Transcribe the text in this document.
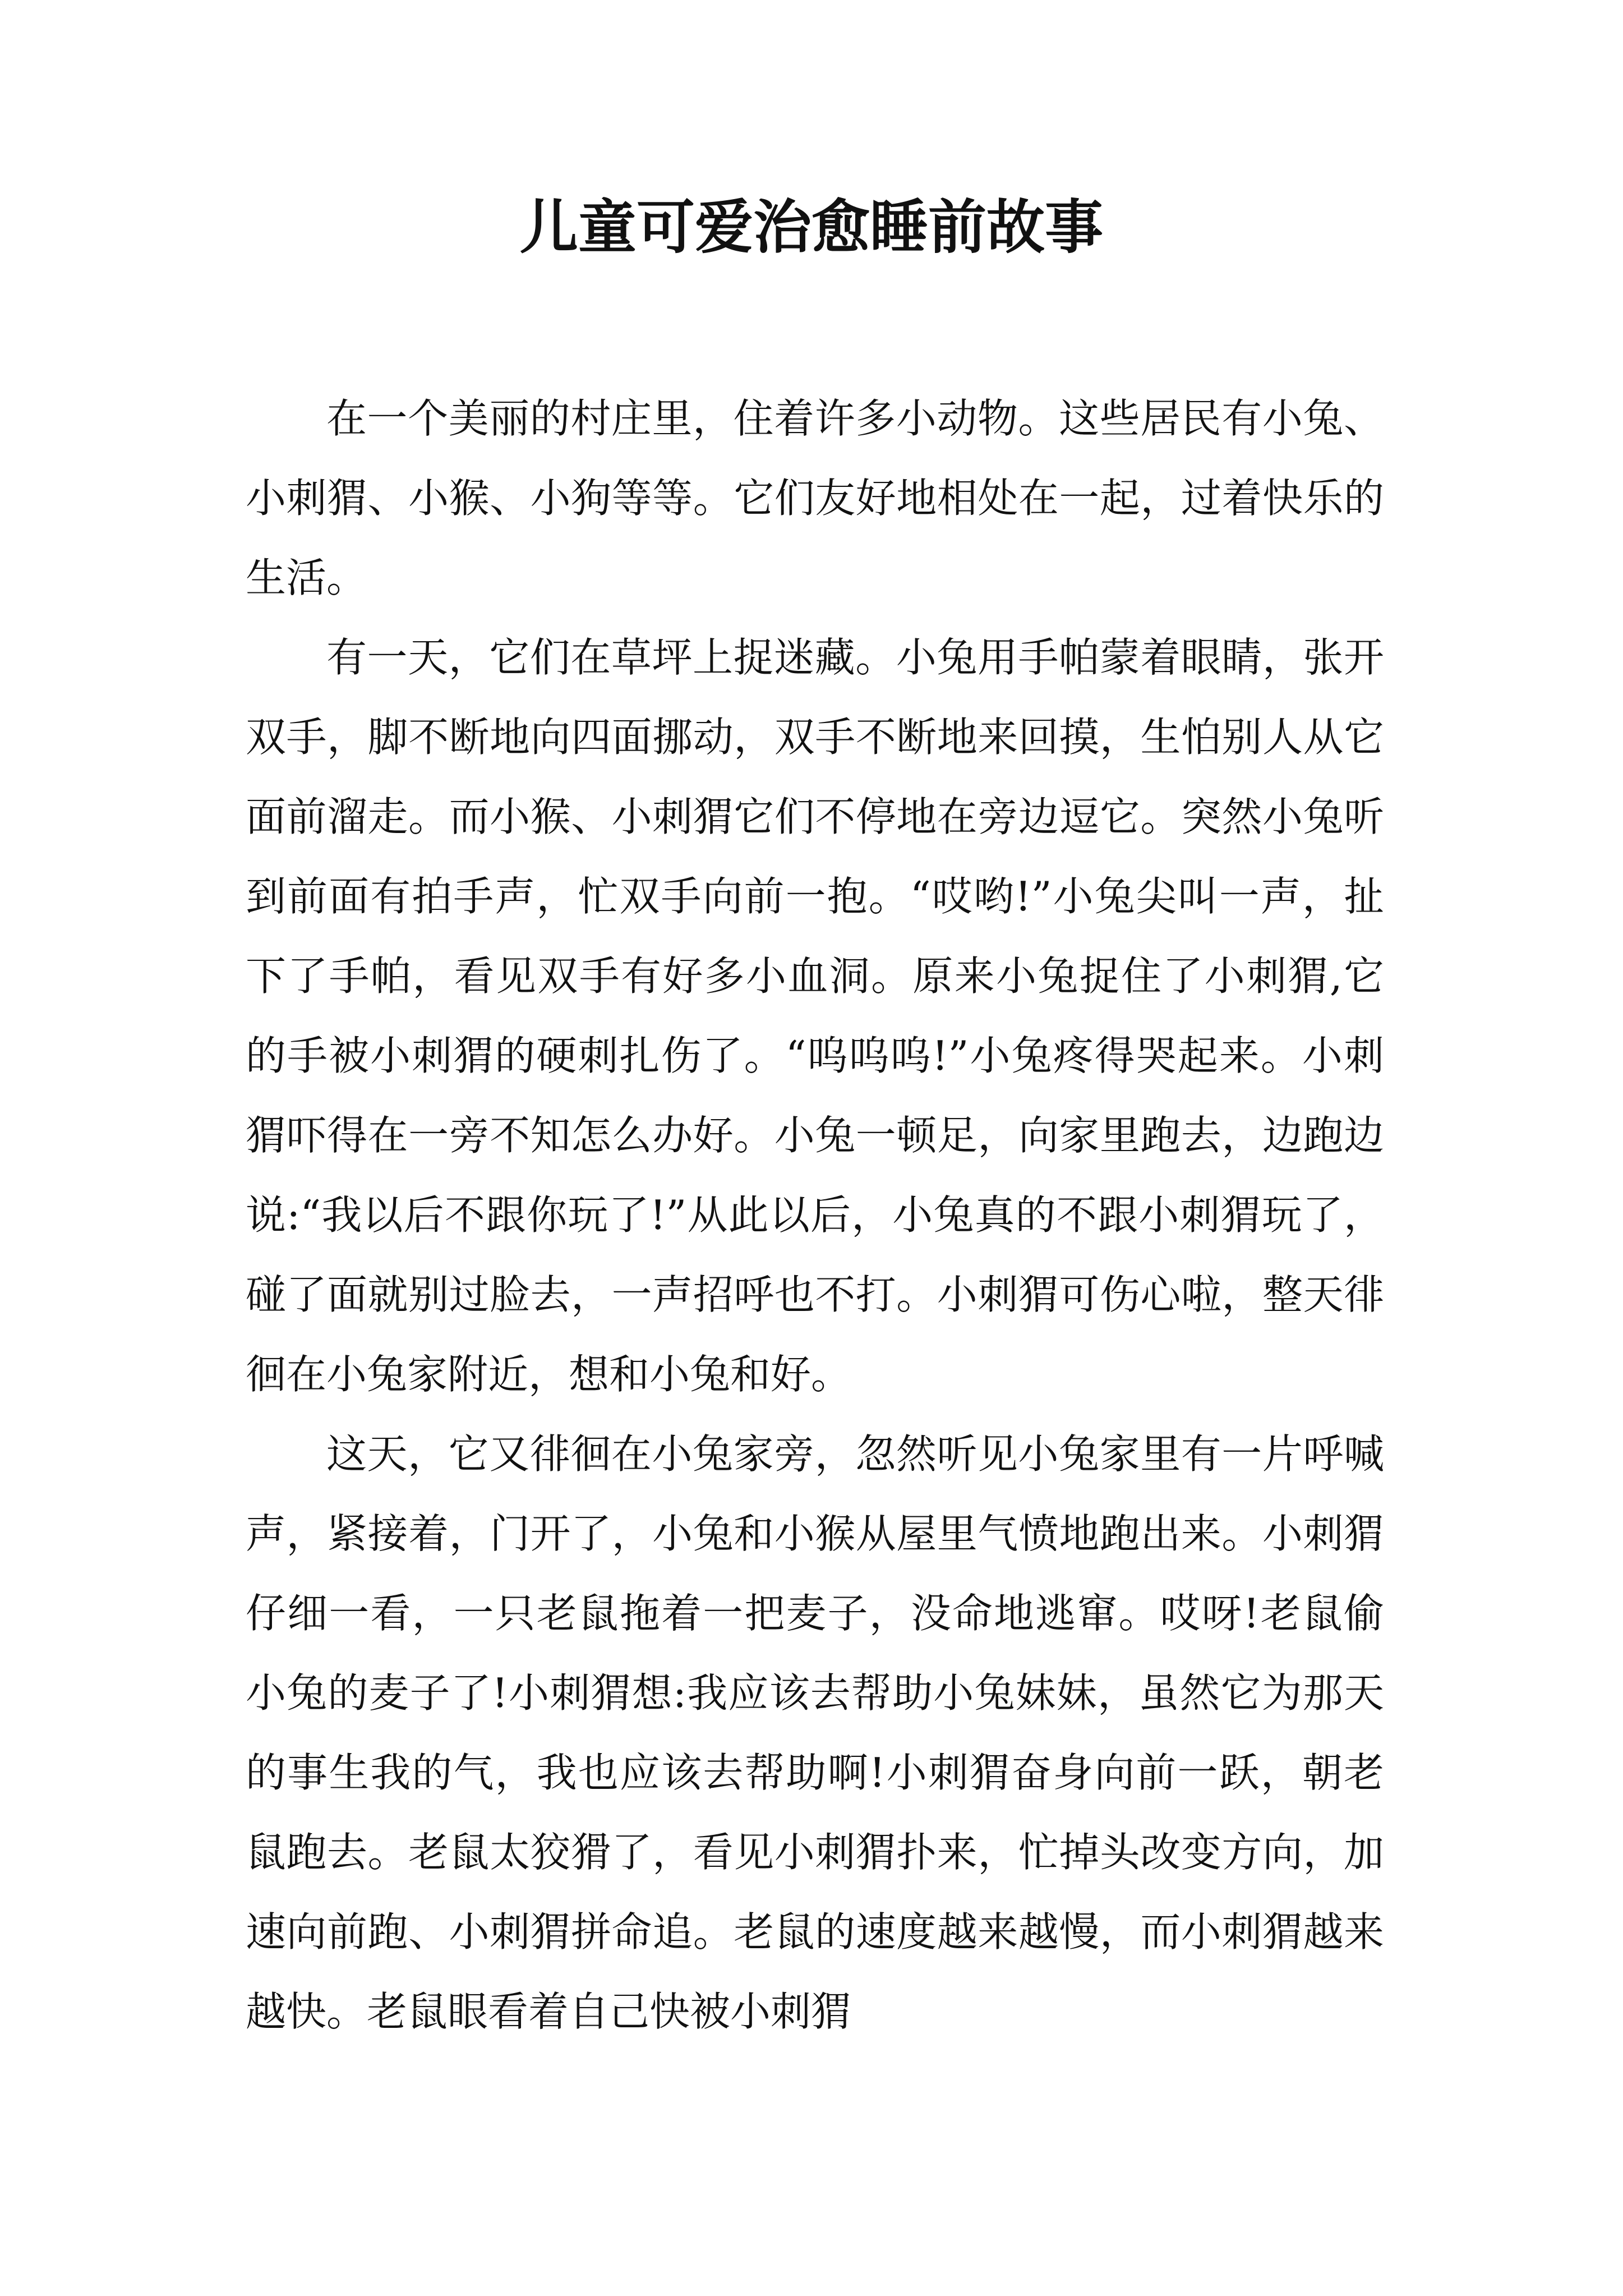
儿童可爱治愈睡前故事

在一个美丽的村庄里，住着许多小动物。这些居民有小兔、小刺猬、小猴、小狗等等。它们友好地相处在一起，过着快乐的生活。

有一天，它们在草坪上捉迷藏。小兔用手帕蒙着眼睛，张开双手，脚不断地向四面挪动，双手不断地来回摸，生怕别人从它面前溜走。而小猴、小刺猬它们不停地在旁边逗它。突然小兔听到前面有拍手声，忙双手向前一抱。“哎哟!”小兔尖叫一声，扯下了手帕，看见双手有好多小血洞。原来小兔捉住了小刺猬,它的手被小刺猬的硬刺扎伤了。“呜呜呜!”小兔疼得哭起来。小刺猬吓得在一旁不知怎么办好。小兔一顿足，向家里跑去，边跑边说:“我以后不跟你玩了!”从此以后，小兔真的不跟小刺猬玩了，碰了面就别过脸去，一声招呼也不打。小刺猬可伤心啦，整天徘徊在小兔家附近，想和小兔和好。

这天，它又徘徊在小兔家旁，忽然听见小兔家里有一片呼喊声，紧接着，门开了，小兔和小猴从屋里气愤地跑出来。小刺猬仔细一看，一只老鼠拖着一把麦子，没命地逃窜。哎呀!老鼠偷小兔的麦子了!小刺猬想:我应该去帮助小兔妹妹，虽然它为那天的事生我的气，我也应该去帮助啊!小刺猬奋身向前一跃，朝老鼠跑去。老鼠太狡猾了，看见小刺猬扑来，忙掉头改变方向，加速向前跑、小刺猬拼命追。老鼠的速度越来越慢，而小刺猬越来越快。老鼠眼看着自己快被小刺猬
